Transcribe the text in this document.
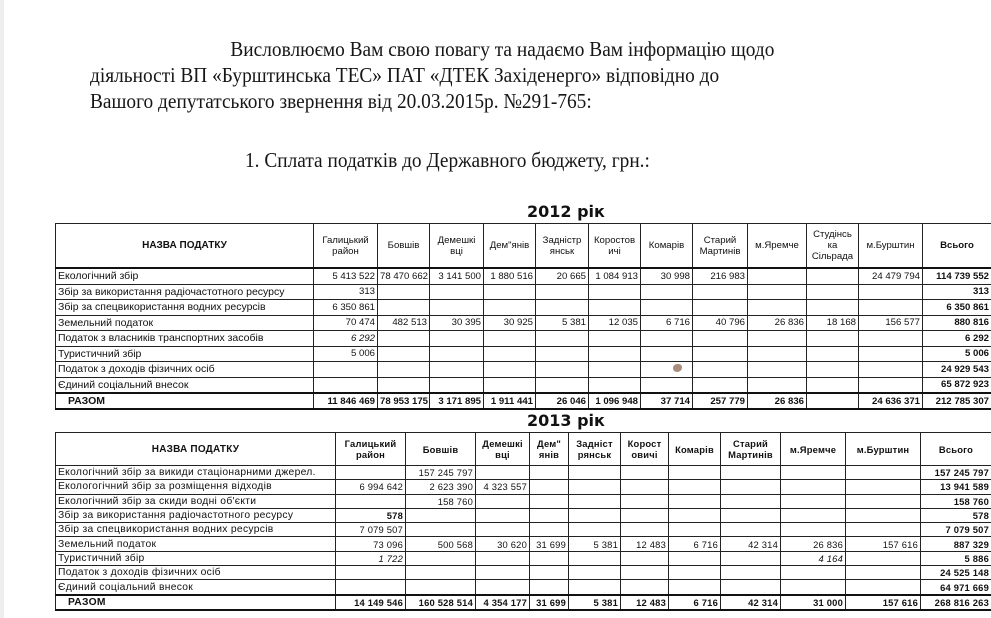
Висловлюємо Вам свою повагу та надаємо Вам інформацію щодо

діяльності ВП «Бурштинська ТЕС» ПАТ «ДТЕК Західенерго» відповідно до

Вашого депутатського звернення від 20.03.2015р. №291-765:

1. Сплата податків до Державного бюджету, грн.:
2012 рік
НАЗВА ПОДАТКУ	Галицький район	Бовшів	Демешкі вці	Дем"янів	Задністр янськ	Коростов ичі	Комарів	Старий Мартинів	м.Яремче	Студінсь ка Сільрада	м.Бурштин	Всього
Екологічний збір	5 413 522	78 470 662	3 141 500	1 880 516	20 665	1 084 913	30 998	216 983			24 479 794	114 739 552
Збір за використання радіочастотного ресурсу	313											313
Збір за спецвикористання водних ресурсів	6 350 861											6 350 861
Земельний податок	70 474	482 513	30 395	30 925	5 381	12 035	6 716	40 796	26 836	18 168	156 577	880 816
Податок з власників транспортних засобів	6 292											6 292
Туристичний збір	5 006											5 006
Податок з доходів фізичних осіб												24 929 543
Єдиний соціальний внесок												65 872 923
РАЗОМ	11 846 469	78 953 175	3 171 895	1 911 441	26 046	1 096 948	37 714	257 779	26 836		24 636 371	212 785 307
2013 рік
НАЗВА ПОДАТКУ	Галицький район	Бовшів	Демешкі вці	Дем" янів	Задніст рянськ	Корост овичі	Комарів	Старий Мартинів	м.Яремче	м.Бурштин	Всього
Екологічний збір за викиди стаціонарними джерел.		157 245 797									157 245 797
Екологогічний збір за розміщення відходів	6 994 642	2 623 390	4 323 557								13 941 589
Екологічний збір за скиди водні об'єкти		158 760									158 760
Збір за використання радіочастотного ресурсу	578										578
Збір за спецвикористання водних ресурсів	7 079 507										7 079 507
Земельний податок	73 096	500 568	30 620	31 699	5 381	12 483	6 716	42 314	26 836	157 616	887 329
Туристичний збір	1 722								4 164		5 886
Податок з доходів фізичних осіб											24 525 148
Єдиний соціальний внесок											64 971 669
РАЗОМ	14 149 546	160 528 514	4 354 177	31 699	5 381	12 483	6 716	42 314	31 000	157 616	268 816 263
